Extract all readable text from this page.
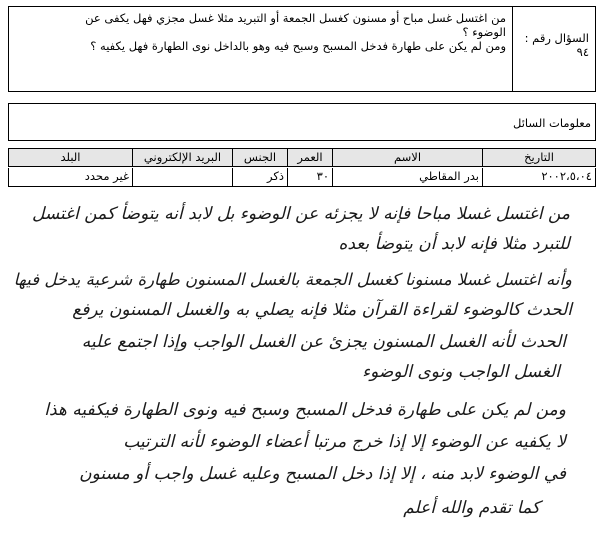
من اغتسل غسل مباح أو مسنون كغسل الجمعة أو التبريد مثلا غسل مجزي فهل يكفى عن
الوضوء ؟
ومن لم يكن على طهارة فدخل المسبح وسبح فيه وهو بالداخل نوى الطهارة فهل يكفيه ؟
السؤال رقم :
٩٤
معلومات السائل
التاريخ
الاسم
العمر
الجنس
البريد الإلكتروني
البلد
٢٠٠٢،٥،٠٤
بدر المقاطي
٣٠
ذكر
غير محدد
من اغتسل غسلا مباحا فإنه لا يجزئه عن الوضوء بل لابد أنه يتوضأ كمن اغتسل
للتبرد مثلا فإنه لابد أن يتوضأ بعده
وأنه اغتسل غسلا مسنونا كغسل الجمعة بالغسل المسنون طهارة شرعية يدخل فيها
الحدث كالوضوء لقراءة القرآن مثلا فإنه يصلي به والغسل المسنون يرفع
الحدث لأنه الغسل المسنون يجزئ عن الغسل الواجب وإذا اجتمع عليه
الغسل الواجب ونوى الوضوء
ومن لم يكن على طهارة فدخل المسبح وسبح فيه ونوى الطهارة فيكفيه هذا
لا يكفيه عن الوضوء إلا إذا خرج مرتبا أعضاء الوضوء لأنه الترتيب
في الوضوء لابد منه ، إلا إذا دخل المسبح وعليه غسل واجب أو مسنون
كما تقدم والله أعلم
